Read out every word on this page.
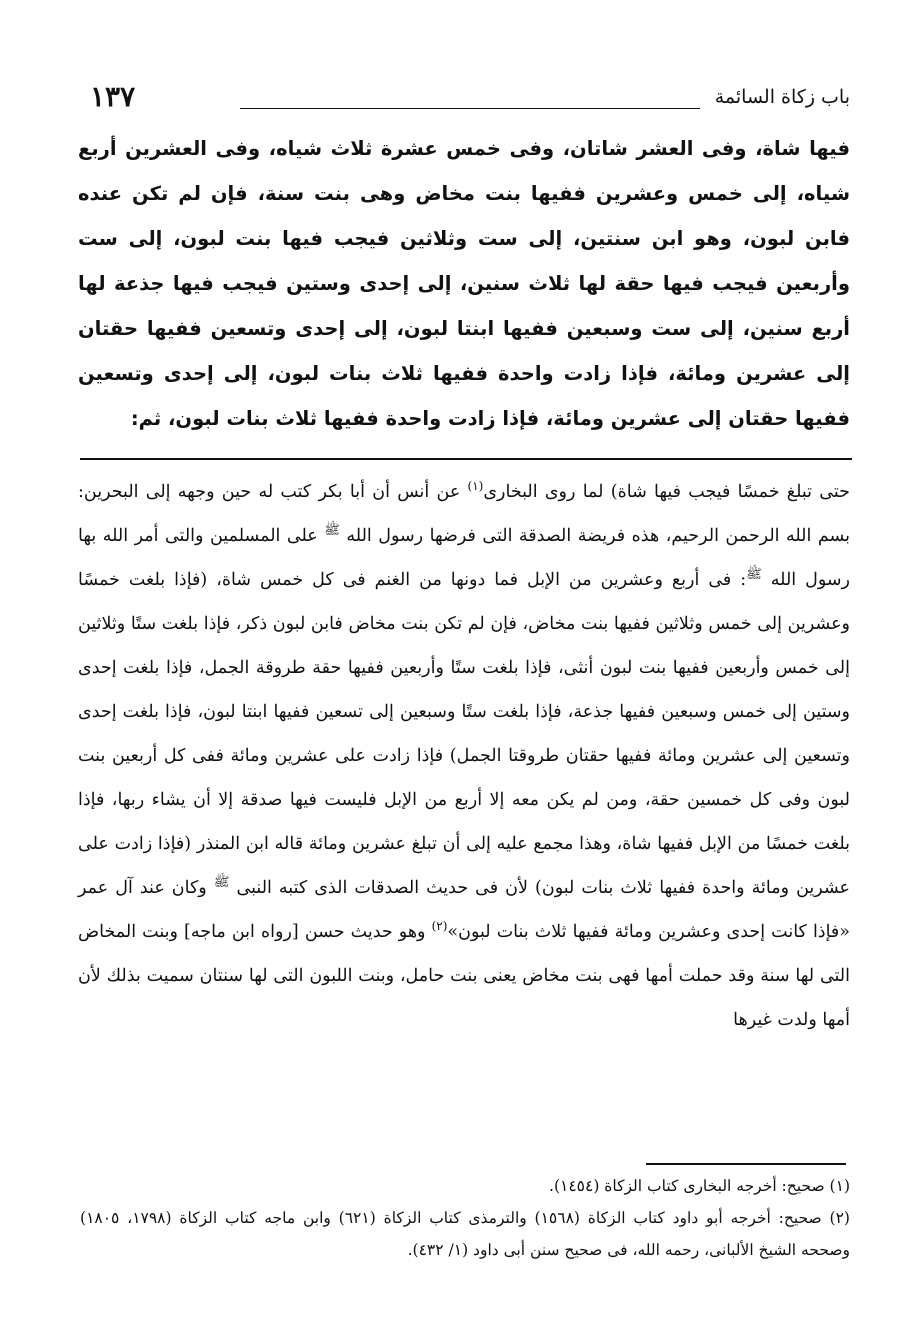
باب زكاة السائمة
١٣٧

فيها شاة، وفى العشر شاتان، وفى خمس عشرة ثلاث شياه، وفى العشرين أربع شياه، إلى خمس وعشرين ففيها بنت مخاض وهى بنت سنة، فإن لم تكن عنده فابن لبون، وهو ابن سنتين، إلى ست وثلاثين فيجب فيها بنت لبون، إلى ست وأربعين فيجب فيها حقة لها ثلاث سنين، إلى إحدى وستين فيجب فيها جذعة لها أربع سنين، إلى ست وسبعين ففيها ابنتا لبون، إلى إحدى وتسعين ففيها حقتان إلى عشرين ومائة، فإذا زادت واحدة ففيها ثلاث بنات لبون، إلى إحدى وتسعين ففيها حقتان إلى عشرين ومائة، فإذا زادت واحدة ففيها ثلاث بنات لبون، ثم:

حتى تبلغ خمسًا فيجب فيها شاة) لما روى البخارى$^{(١)}$ عن أنس أن أبا بكر كتب له حين وجهه إلى البحرين: بسم الله الرحمن الرحيم، هذه فريضة الصدقة التى فرضها رسول الله $^ﷺ$ على المسلمين والتى أمر الله بها رسول الله $^ﷺ$: فى أربع وعشرين من الإبل فما دونها من الغنم فى كل خمس شاة، (فإذا بلغت خمسًا وعشرين إلى خمس وثلاثين ففيها بنت مخاض، فإن لم تكن بنت مخاض فابن لبون ذكر، فإذا بلغت ستًا وثلاثين إلى خمس وأربعين ففيها بنت لبون أنثى، فإذا بلغت ستًا وأربعين ففيها حقة طروقة الجمل، فإذا بلغت إحدى وستين إلى خمس وسبعين ففيها جذعة، فإذا بلغت ستًا وسبعين إلى تسعين ففيها ابنتا لبون، فإذا بلغت إحدى وتسعين إلى عشرين ومائة ففيها حقتان طروقتا الجمل) فإذا زادت على عشرين ومائة ففى كل أربعين بنت لبون وفى كل خمسين حقة، ومن لم يكن معه إلا أربع من الإبل فليست فيها صدقة إلا أن يشاء ربها، فإذا بلغت خمسًا من الإبل ففيها شاة، وهذا مجمع عليه إلى أن تبلغ عشرين ومائة قاله ابن المنذر (فإذا زادت على عشرين ومائة واحدة ففيها ثلاث بنات لبون) لأن فى حديث الصدقات الذى كتبه النبى $^ﷺ$ وكان عند آل عمر «فإذا كانت إحدى وعشرين ومائة ففيها ثلاث بنات لبون»$^{(٢)}$ وهو حديث حسن [رواه ابن ماجه] وبنت المخاض التى لها سنة وقد حملت أمها فهى بنت مخاض يعنى بنت حامل، وبنت اللبون التى لها سنتان سميت بذلك لأن أمها ولدت غيرها

(١) صحيح: أخرجه البخارى كتاب الزكاة (١٤٥٤).

(٢) صحيح: أخرجه أبو داود كتاب الزكاة (١٥٦٨) والترمذى كتاب الزكاة (٦٢١) وابن ماجه كتاب الزكاة (١٧٩٨، ١٨٠٥) وصححه الشيخ الألبانى، رحمه الله، فى صحيح سنن أبى داود (١/ ٤٣٢).
